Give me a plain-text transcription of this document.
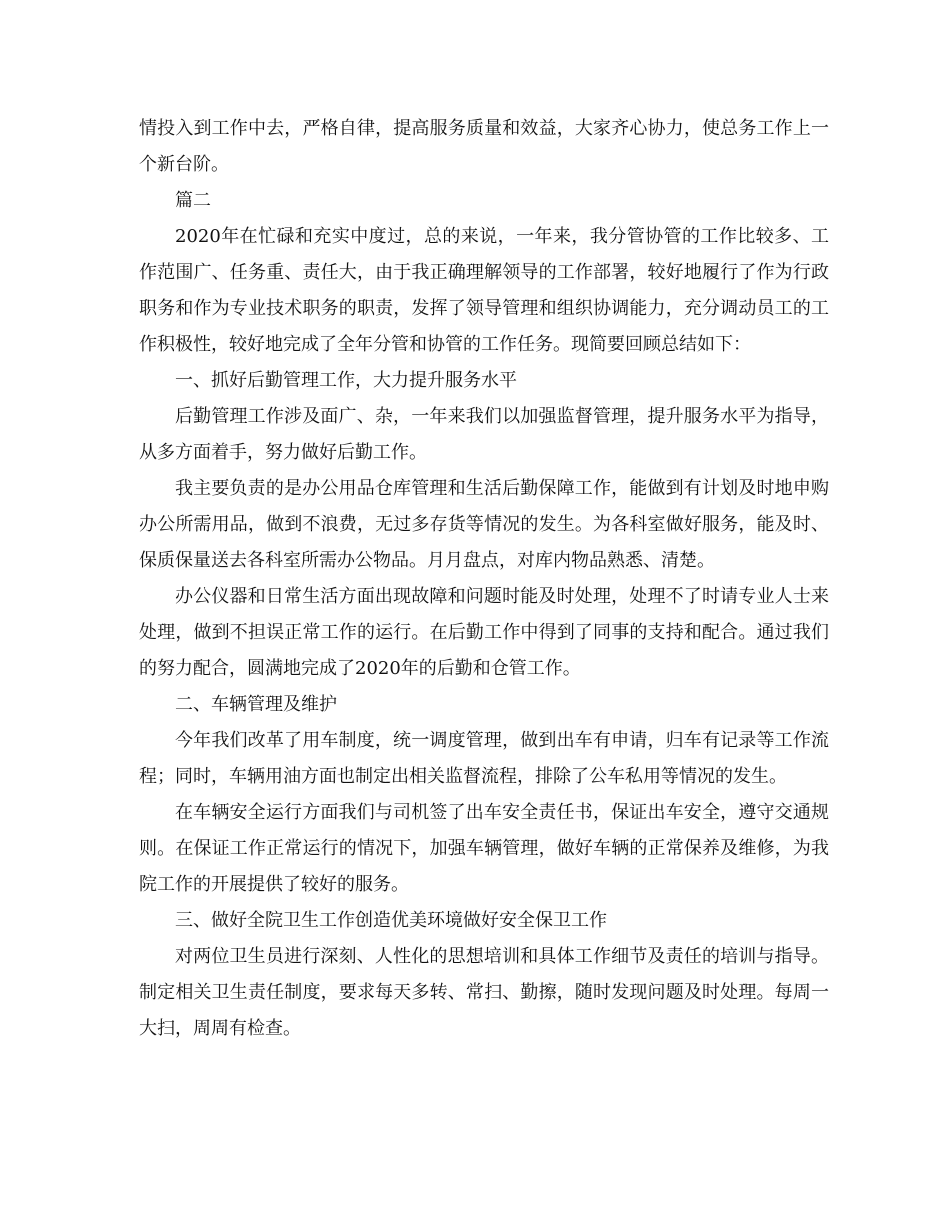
情投入到工作中去，严格自律，提高服务质量和效益，大家齐心协力，使总务工作上一个新台阶。

篇二

2020年在忙碌和充实中度过，总的来说，一年来，我分管协管的工作比较多、工作范围广、任务重、责任大，由于我正确理解领导的工作部署，较好地履行了作为行政职务和作为专业技术职务的职责，发挥了领导管理和组织协调能力，充分调动员工的工作积极性，较好地完成了全年分管和协管的工作任务。现简要回顾总结如下：

一、抓好后勤管理工作，大力提升服务水平

后勤管理工作涉及面广、杂，一年来我们以加强监督管理，提升服务水平为指导，从多方面着手，努力做好后勤工作。

我主要负责的是办公用品仓库管理和生活后勤保障工作，能做到有计划及时地申购办公所需用品，做到不浪费，无过多存货等情况的发生。为各科室做好服务，能及时、保质保量送去各科室所需办公物品。月月盘点，对库内物品熟悉、清楚。

办公仪器和日常生活方面出现故障和问题时能及时处理，处理不了时请专业人士来处理，做到不担误正常工作的运行。在后勤工作中得到了同事的支持和配合。通过我们的努力配合，圆满地完成了2020年的后勤和仓管工作。

二、车辆管理及维护

今年我们改革了用车制度，统一调度管理，做到出车有申请，归车有记录等工作流程；同时，车辆用油方面也制定出相关监督流程，排除了公车私用等情况的发生。

在车辆安全运行方面我们与司机签了出车安全责任书，保证出车安全，遵守交通规则。在保证工作正常运行的情况下，加强车辆管理，做好车辆的正常保养及维修，为我院工作的开展提供了较好的服务。

三、做好全院卫生工作创造优美环境做好安全保卫工作

对两位卫生员进行深刻、人性化的思想培训和具体工作细节及责任的培训与指导。制定相关卫生责任制度，要求每天多转、常扫、勤擦，随时发现问题及时处理。每周一大扫，周周有检查。
